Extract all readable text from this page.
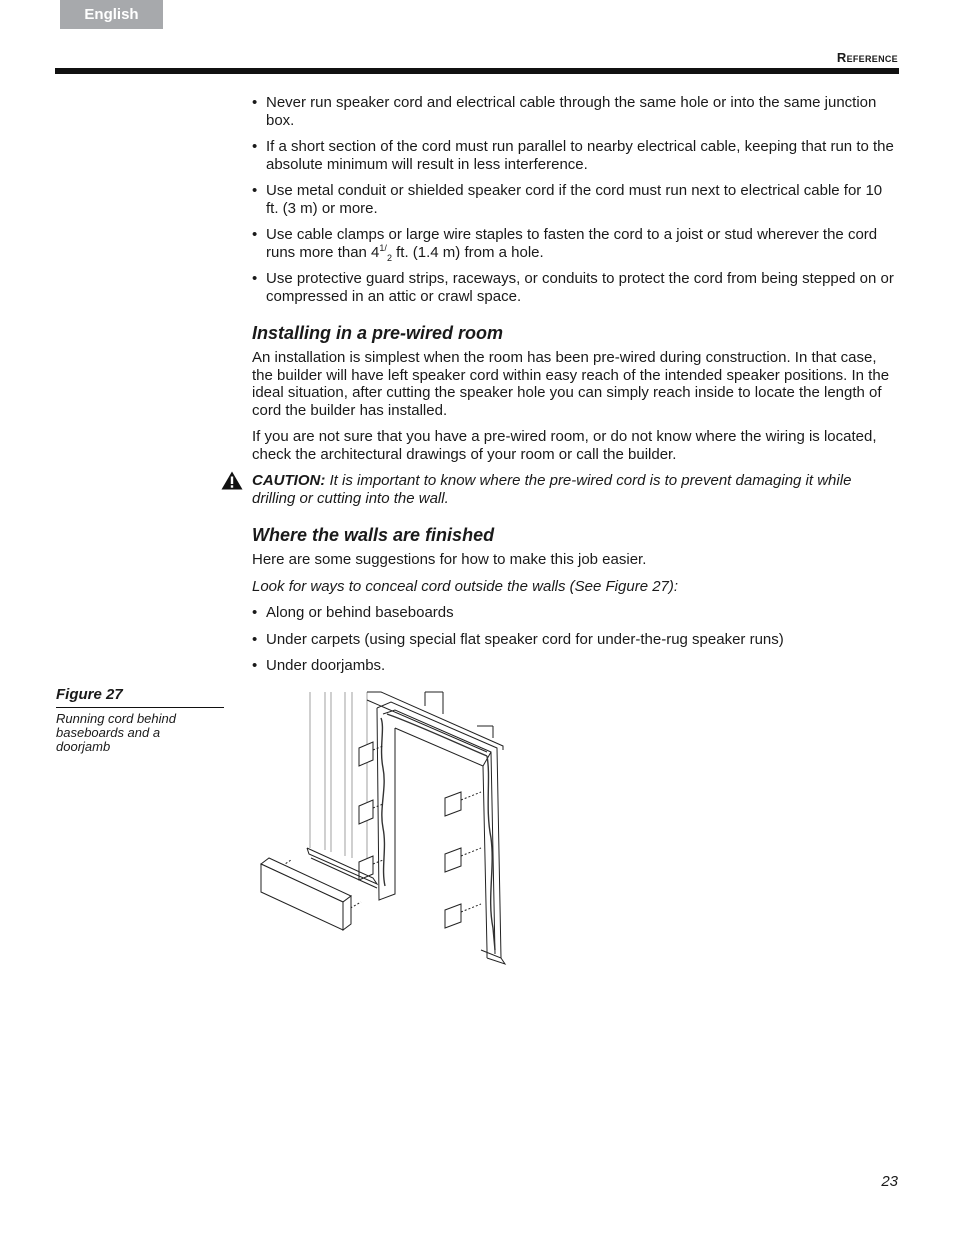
English
Reference
• Never run speaker cord and electrical cable through the same hole or into the same junction box.
• If a short section of the cord must run parallel to nearby electrical cable, keeping that run to the absolute minimum will result in less interference.
• Use metal conduit or shielded speaker cord if the cord must run next to electrical cable for 10 ft. (3 m) or more.
• Use cable clamps or large wire staples to fasten the cord to a joist or stud wherever the cord runs more than $4^{1/}_2$ ft. (1.4 m) from a hole.
• Use protective guard strips, raceways, or conduits to protect the cord from being stepped on or compressed in an attic or crawl space.
Installing in a pre-wired room

An installation is simplest when the room has been pre-wired during construction. In that case, the builder will have left speaker cord within easy reach of the intended speaker positions. In the ideal situation, after cutting the speaker hole you can simply reach inside to locate the length of cord the builder has installed.

If you are not sure that you have a pre-wired room, or do not know where the wiring is located, check the architectural drawings of your room or call the builder.

CAUTION: It is important to know where the pre-wired cord is to prevent damaging it while drilling or cutting into the wall.
Where the walls are finished

Here are some suggestions for how to make this job easier.

Look for ways to conceal cord outside the walls (See Figure 27):

• Along or behind baseboards
• Under carpets (using special flat speaker cord for under-the-rug speaker runs)
• Under doorjambs.
Figure 27
Running cord behind baseboards and a doorjamb
23
